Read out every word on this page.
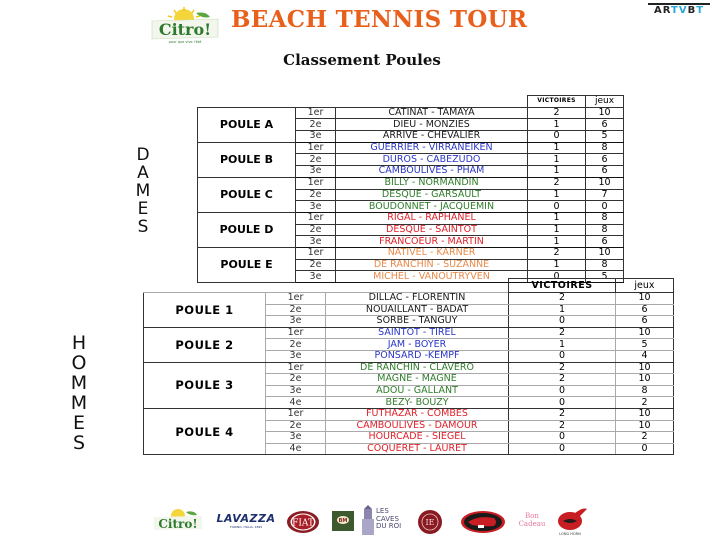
Citro!
pour que vive l'été
BEACH TENNIS TOUR	ARTVBT
Classement Poules
DAMES
HOMMES
			VICTOIRES	jeux
POULE A	1er	CATINAT - TAMAYA	2	10
	2e	DIEU - MONZIES	1	6
	3e	ARRIVE - CHEVALIER	0	5
POULE B	1er	GUERRIER - VIRRANEIKEN	1	8
	2e	DUROS - CABEZUDO	1	6
	3e	CAMBOULIVES - PHAM	1	6
POULE C	1er	BILLY - NORMANDIN	2	10
	2e	DESQUE - GARSAULT	1	7
	3e	BOUDONNET - JACQUEMIN	0	0
POULE D	1er	RIGAL - RAPHANEL	1	8
	2e	DESQUE - SAINTOT	1	8
	3e	FRANCOEUR - MARTIN	1	6
POULE E	1er	NATIVEL - KARNER	2	10
	2e	DE RANCHIN - SUZANNE	1	8
	3e	MICHEL - VANOUTRYVEN	0	5
			VICTOIRES	jeux
POULE 1	1er	DILLAC - FLORENTIN	2	10
	2e	NOUAILLANT - BADAT	1	6
	3e	SORBE - TANGUY	0	6
POULE 2	1er	SAINTOT - TIREL	2	10
	2e	JAM - BOYER	1	5
	3e	PONSARD -KEMPF	0	4
POULE 3	1er	DE RANCHIN - CLAVERO	2	10
	2e	MAGNE - MAGNE	2	10
	3e	ADOU - GALLANT	0	8
	4e	BEZY- BOUZY	0	2
POULE 4	1er	FUTHAZAR - COMBES	2	10
	2e	CAMBOULIVES - DAMOUR	2	10
	3e	HOURCADE - SIEGEL	0	2
	4e	COQUERET - LAURET	0	0
Citro!	LAVAZZA
TORINO, ITALIA, 1895	FIAT	BM
LES CAVES DU ROI	IE
Bon Cadeau
LONG HORN
